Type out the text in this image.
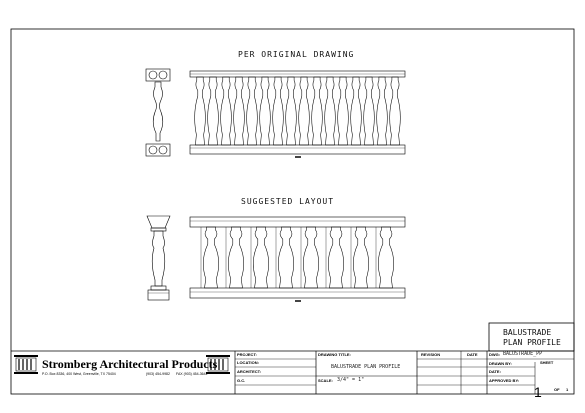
PER ORIGINAL DRAWING
SUGGESTED LAYOUT
BALUSTRADE
PLAN PROFILE
Stromberg Architectural Products
P.O. Box 8336, 400 West, Greenville, TX 75404	(903) 454-9982 FAX (903) 454-3642
PROJECT:
LOCATION:
ARCHITECT:
G.C.
DRAWING TITLE:
BALUSTRADE PLAN PROFILE
SCALE: 3/4" = 1"
REVISION	DATE	DWG: BALUSTRADE_PP
DRAWN BY:	SHEET
DATE:
APPROVED BY:
1	OF 1
